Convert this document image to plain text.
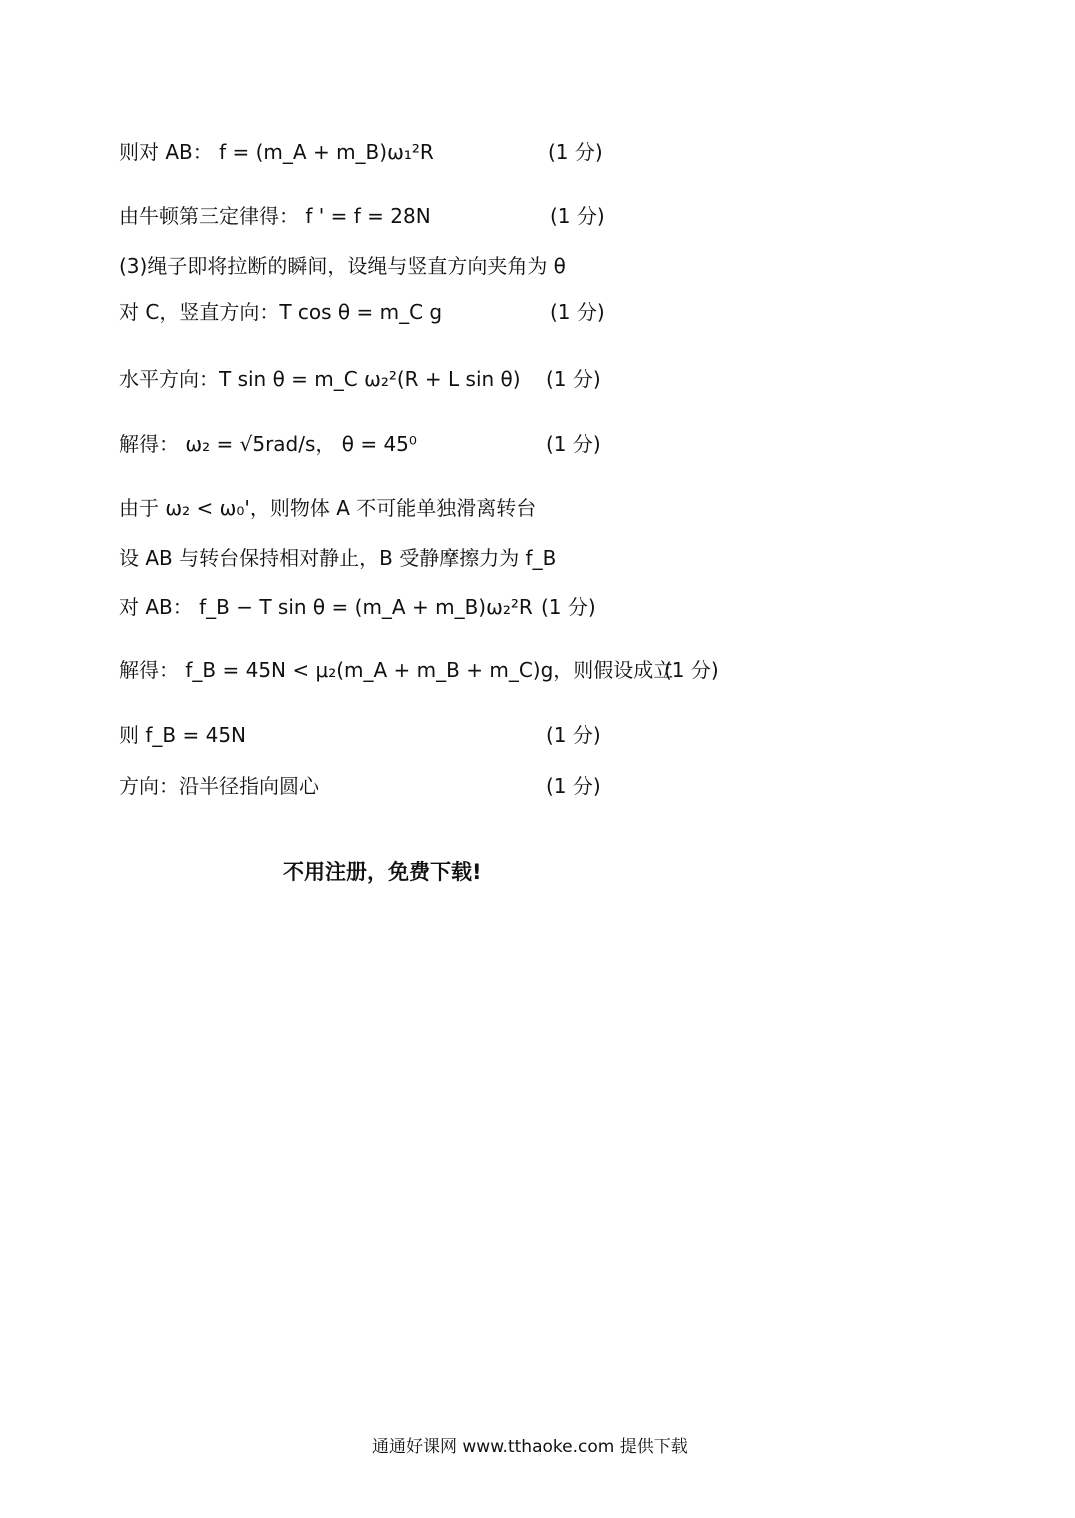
则对 AB： f = (m_A + m_B)ω₁²R	(1 分)
由牛顿第三定律得： f ' = f = 28N	(1 分)
(3)绳子即将拉断的瞬间，设绳与竖直方向夹角为 θ
对 C，竖直方向：T cos θ = m_C g	(1 分)
水平方向：T sin θ = m_C ω₂²(R + L sin θ) (1 分)
解得： ω₂ = √5rad/s， θ = 45⁰	(1 分)
由于 ω₂ < ω₀'，则物体 A 不可能单独滑离转台
设 AB 与转台保持相对静止，B 受静摩擦力为 f_B
对 AB： f_B − T sin θ = (m_A + m_B)ω₂²R (1 分)
解得： f_B = 45N < μ₂(m_A + m_B + m_C)g，则假设成立
(1 分)
则 f_B = 45N	(1 分)
方向：沿半径指向圆心	(1 分)
不用注册，免费下载!
通通好课网 www.tthaoke.com 提供下载
